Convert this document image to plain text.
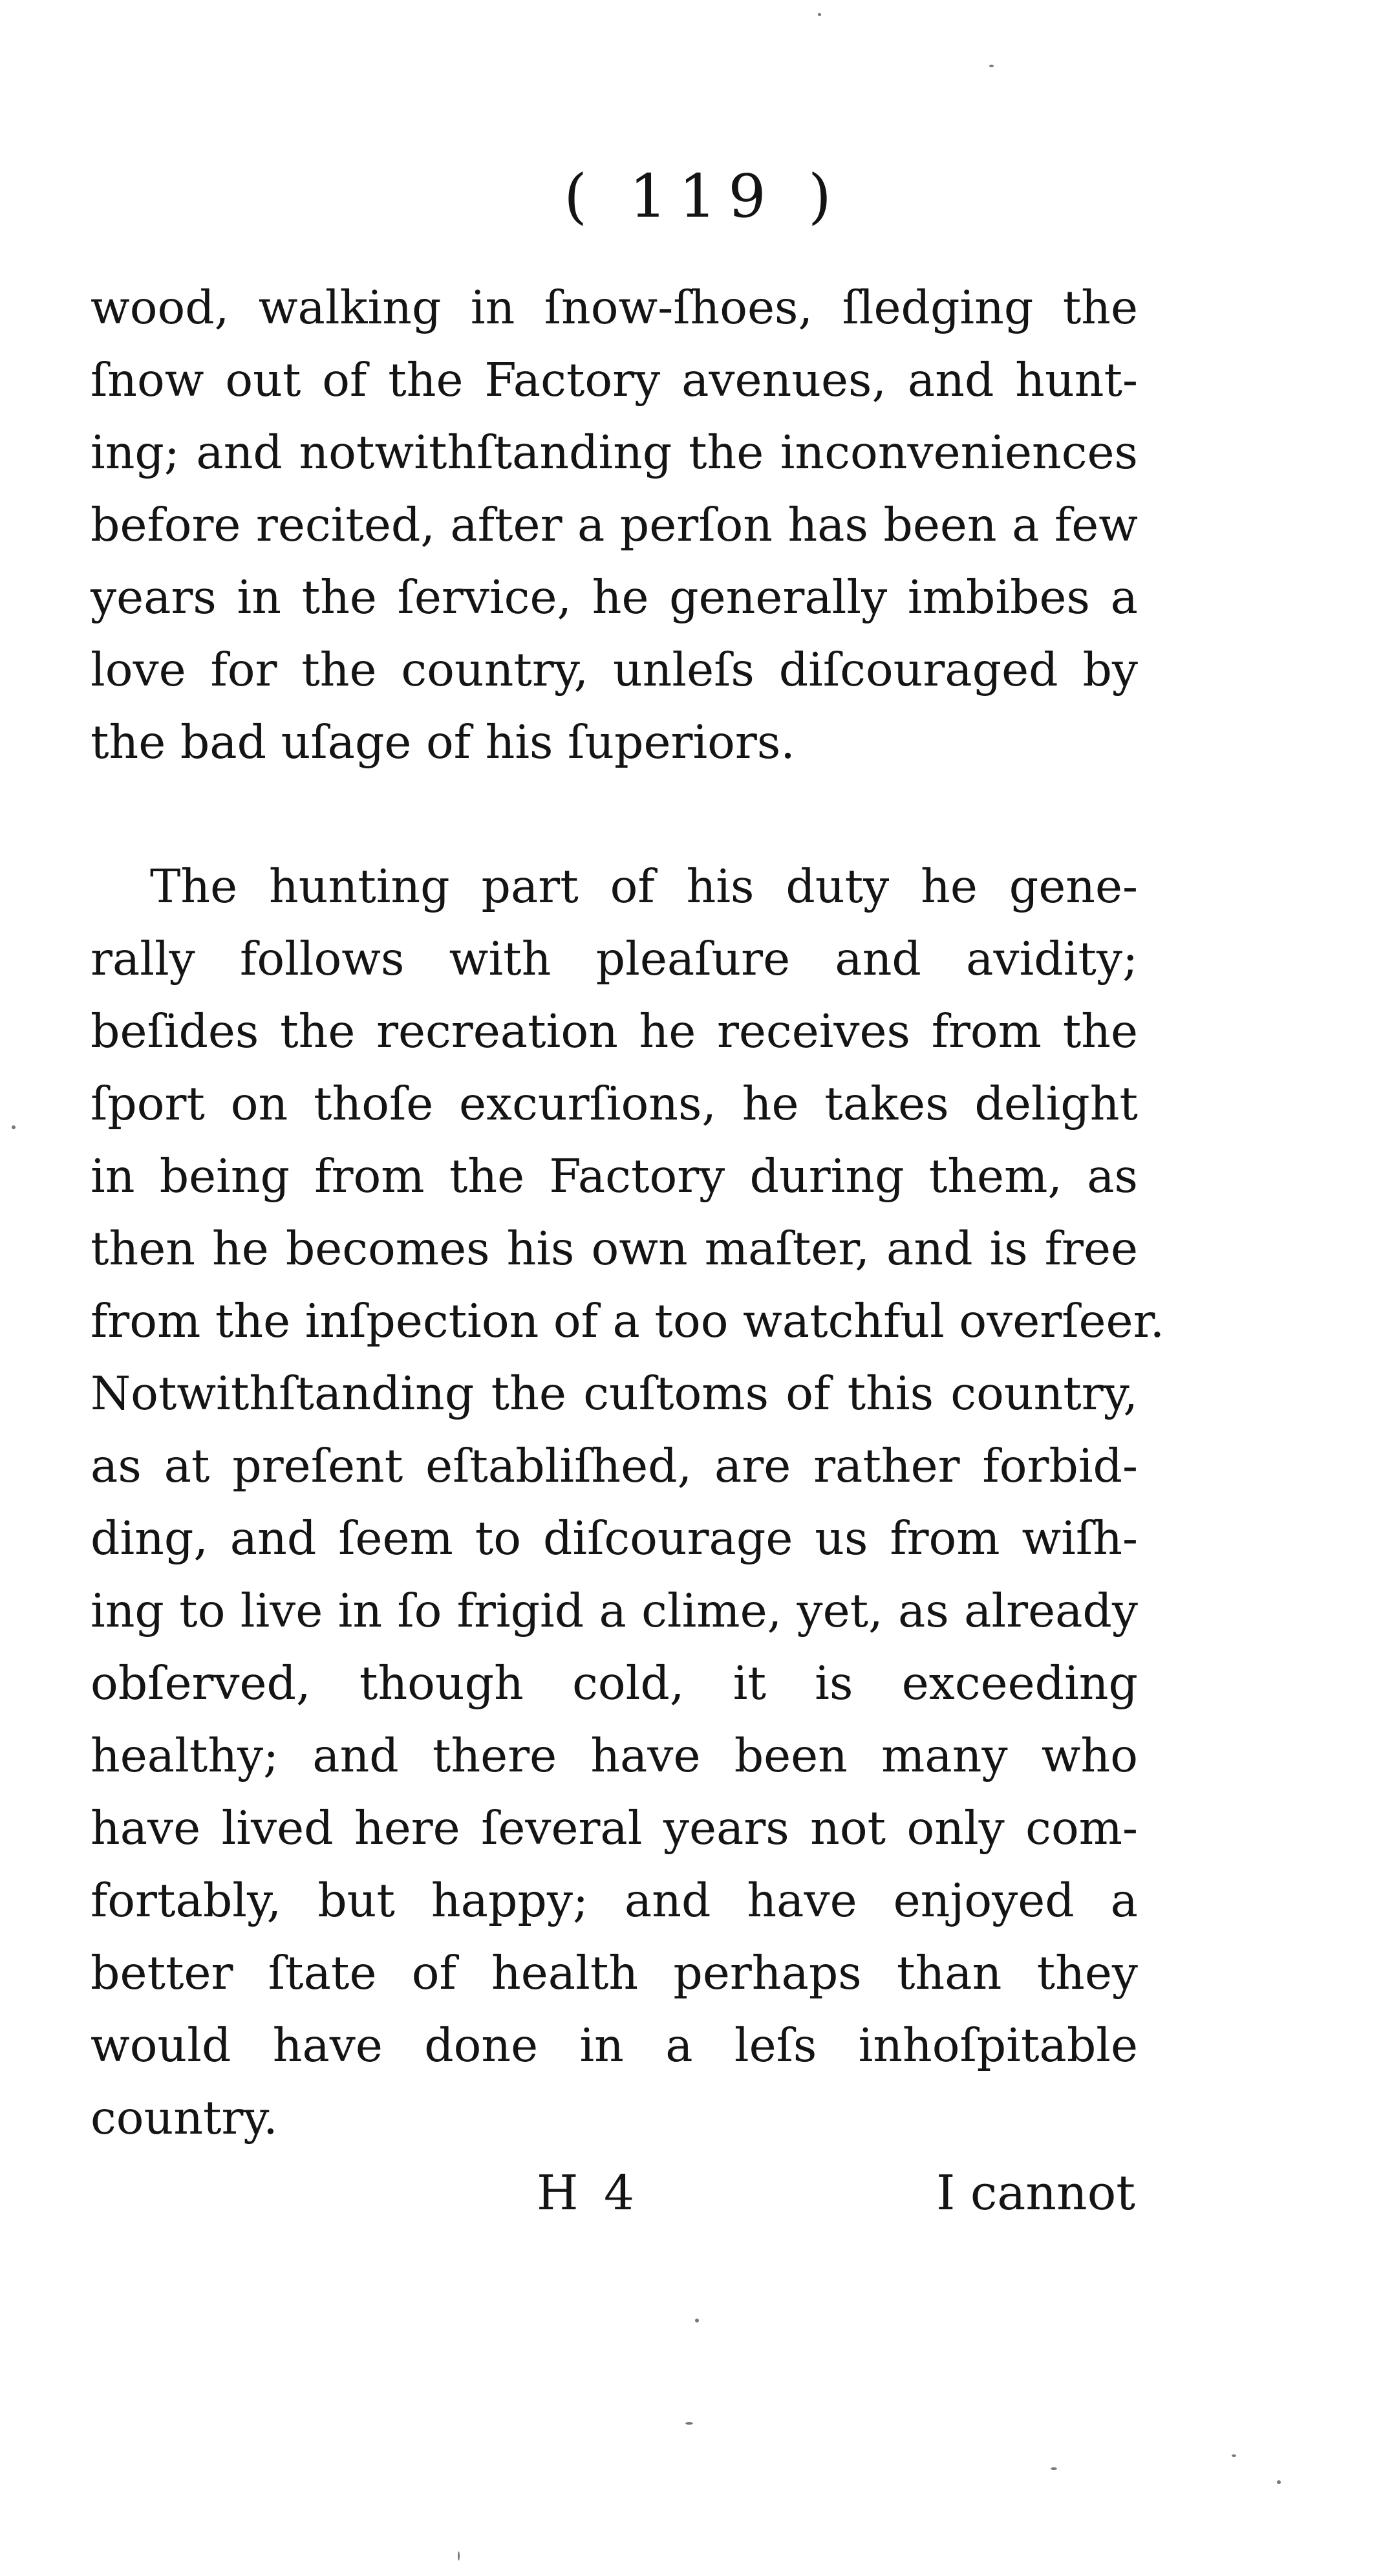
( 119 )
wood, walking in ſnow-ſhoes, ſledging the
ſnow out of the Factory avenues, and hunt-
ing; and notwithſtanding the inconveniences
before recited, after a perſon has been a few
years in the ſervice, he generally imbibes a
love for the country, unleſs diſcouraged by
the bad uſage of his ſuperiors.
The hunting part of his duty he gene-
rally follows with pleaſure and avidity;
beſides the recreation he receives from the
ſport on thoſe excurſions, he takes delight
in being from the Factory during them, as
then he becomes his own maſter, and is free
from the inſpection of a too watchful overſeer.
Notwithſtanding the cuſtoms of this country,
as at preſent eſtabliſhed, are rather forbid-
ding, and ſeem to diſcourage us from wiſh-
ing to live in ſo frigid a clime, yet, as already
obſerved, though cold, it is exceeding
healthy; and there have been many who
have lived here ſeveral years not only com-
fortably, but happy; and have enjoyed a
better ſtate of health perhaps than they
would have done in a leſs inhoſpitable
country.
H 4	I cannot
